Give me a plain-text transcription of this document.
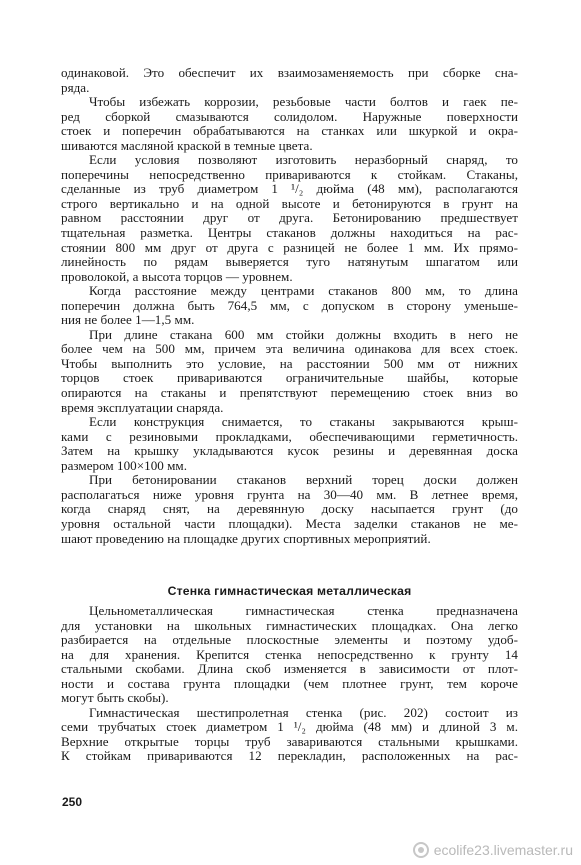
одинаковой. Это обеспечит их взаимозаменяемость при сборке сна-
ряда.
Чтобы избежать коррозии, резьбовые части болтов и гаек пе-
ред сборкой смазываются солидолом. Наружные поверхности
стоек и поперечин обрабатываются на станках или шкуркой и окра-
шиваются масляной краской в темные цвета.
Если условия позволяют изготовить неразборный снаряд, то
поперечины непосредственно привариваются к стойкам. Стаканы,
сделанные из труб диаметром 1 ¹/₂ дюйма (48 мм), располагаются
строго вертикально и на одной высоте и бетонируются в грунт на
равном расстоянии друг от друга. Бетонированию предшествует
тщательная разметка. Центры стаканов должны находиться на рас-
стоянии 800 мм друг от друга с разницей не более 1 мм. Их прямо-
линейность по рядам выверяется туго натянутым шпагатом или
проволокой, а высота торцов — уровнем.
Когда расстояние между центрами стаканов 800 мм, то длина
поперечин должна быть 764,5 мм, с допуском в сторону уменьше-
ния не более 1—1,5 мм.
При длине стакана 600 мм стойки должны входить в него не
более чем на 500 мм, причем эта величина одинакова для всех стоек.
Чтобы выполнить это условие, на расстоянии 500 мм от нижних
торцов стоек привариваются ограничительные шайбы, которые
опираются на стаканы и препятствуют перемещению стоек вниз во
время эксплуатации снаряда.
Если конструкция снимается, то стаканы закрываются крыш-
ками с резиновыми прокладками, обеспечивающими герметичность.
Затем на крышку укладываются кусок резины и деревянная доска
размером 100×100 мм.
При бетонировании стаканов верхний торец доски должен
располагаться ниже уровня грунта на 30—40 мм. В летнее время,
когда снаряд снят, на деревянную доску насыпается грунт (до
уровня остальной части площадки). Места заделки стаканов не ме-
шают проведению на площадке других спортивных мероприятий.
Стенка гимнастическая металлическая
Цельнометаллическая гимнастическая стенка предназначена
для установки на школьных гимнастических площадках. Она легко
разбирается на отдельные плоскостные элементы и поэтому удоб-
на для хранения. Крепится стенка непосредственно к грунту 14
стальными скобами. Длина скоб изменяется в зависимости от плот-
ности и состава грунта площадки (чем плотнее грунт, тем короче
могут быть скобы).
Гимнастическая шестипролетная стенка (рис. 202) состоит из
семи трубчатых стоек диаметром 1 ¹/₂ дюйма (48 мм) и длиной 3 м.
Верхние открытые торцы труб завариваются стальными крышками.
К стойкам привариваются 12 перекладин, расположенных на рас-
250
ecolife23.livemaster.ru
